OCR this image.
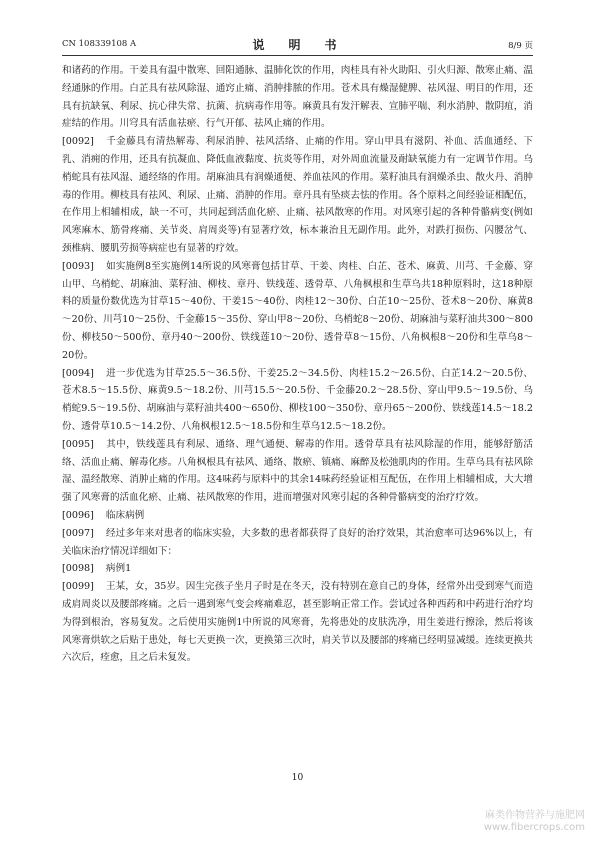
CN 108339108 A	说　明　书	8/9 页

和诸药的作用。干姜具有温中散寒、回阳通脉、温肺化饮的作用，肉桂具有补火助阳、引火归源、散寒止痛、温经通脉的作用。白芷具有祛风除湿、通窍止痛、消肿排脓的作用。苍术具有燥湿健脾、祛风湿、明目的作用，还具有抗缺氧、利尿、抗心律失常、抗菌、抗病毒作用等。麻黄具有发汗解表、宣肺平喘、利水消肿、散阴疽，消症结的作用。川穹具有活血祛瘀、行气开郁、祛风止痛的作用。

[0092] 千金藤具有清热解毒、利尿消肿、祛风活络、止痛的作用。穿山甲具有滋阴、补血、活血通经、下乳、消痈的作用，还具有抗凝血、降低血液黏度、抗炎等作用，对外周血流量及耐缺氧能力有一定调节作用。乌梢蛇具有祛风湿、通经络的作用。胡麻油具有润燥通便、养血祛风的作用。菜籽油具有润燥杀虫、散火丹、消肿毒的作用。柳枝具有祛风、利尿、止痛、消肿的作用。章丹具有坠痰去怯的作用。各个原料之间经验证相配伍，在作用上相辅相成，缺一不可，共同起到活血化瘀、止痛、祛风散寒的作用。对风寒引起的各种骨骼病变(例如风寒麻木、筋骨疼痛、关节炎、肩周炎等)有显著疗效，标本兼治且无副作用。此外，对跌打损伤、闪腰岔气、颈椎病、腰肌劳损等病症也有显著的疗效。

[0093] 如实施例8至实施例14所说的风寒膏包括甘草、干姜、肉桂、白芷、苍术、麻黄、川芎、千金藤、穿山甲、乌梢蛇、胡麻油、菜籽油、柳枝、章丹、铁线莲、透骨草、八角枫根和生草乌共18种原料时，这18种原料的质量份数优选为甘草15～40份、干姜15～40份、肉桂12～30份、白芷10～25份、苍术8～20份、麻黄8～20份、川芎10～25份、千金藤15～35份、穿山甲8～20份、乌梢蛇8～20份、胡麻油与菜籽油共300～800份、柳枝50～500份、章丹40～200份、铁线莲10～20份、透骨草8～15份、八角枫根8～20份和生草乌8～20份。

[0094] 进一步优选为甘草25.5～36.5份、干姜25.2～34.5份、肉桂15.2～26.5份、白芷14.2～20.5份、苍术8.5～15.5份、麻黄9.5～18.2份、川芎15.5～20.5份、千金藤20.2～28.5份、穿山甲9.5～19.5份、乌梢蛇9.5～19.5份、胡麻油与菜籽油共400～650份、柳枝100～350份、章丹65～200份、铁线莲14.5～18.2份、透骨草10.5～14.2份、八角枫根12.5～18.5份和生草乌12.5～18.2份。

[0095] 其中，铁线莲具有利尿、通络、理气通便、解毒的作用。透骨草具有祛风除湿的作用，能够舒筋活络、活血止痛、解毒化疹。八角枫根具有祛风、通络、散瘀、镇痛、麻醉及松弛肌肉的作用。生草乌具有祛风除湿、温经散寒、消肿止痛的作用。这4味药与原料中的其余14味药经验证相互配伍，在作用上相辅相成，大大增强了风寒膏的活血化瘀、止痛、祛风散寒的作用，进而增强对风寒引起的各种骨骼病变的治疗疗效。

[0096] 临床病例

[0097] 经过多年来对患者的临床实验，大多数的患者都获得了良好的治疗效果，其治愈率可达96%以上，有关临床治疗情况详细如下：

[0098] 病例1

[0099] 王某，女，35岁。因生完孩子坐月子时是在冬天，没有特别在意自己的身体，经常外出受到寒气而造成肩周炎以及腰部疼痛。之后一遇到寒气变会疼痛难忍，甚至影响正常工作。尝试过各种西药和中药进行治疗均为得到根治，容易复发。之后使用实施例1中所说的风寒膏，先将患处的皮肤洗净，用生姜进行擦涂，然后将该风寒膏烘软之后贴于患处，每七天更换一次，更换第三次时，肩关节以及腰部的疼痛已经明显减缓。连续更换共六次后，痊愈，且之后未复发。

10
麻类作物营养与施肥网
www.fibercrops.com
